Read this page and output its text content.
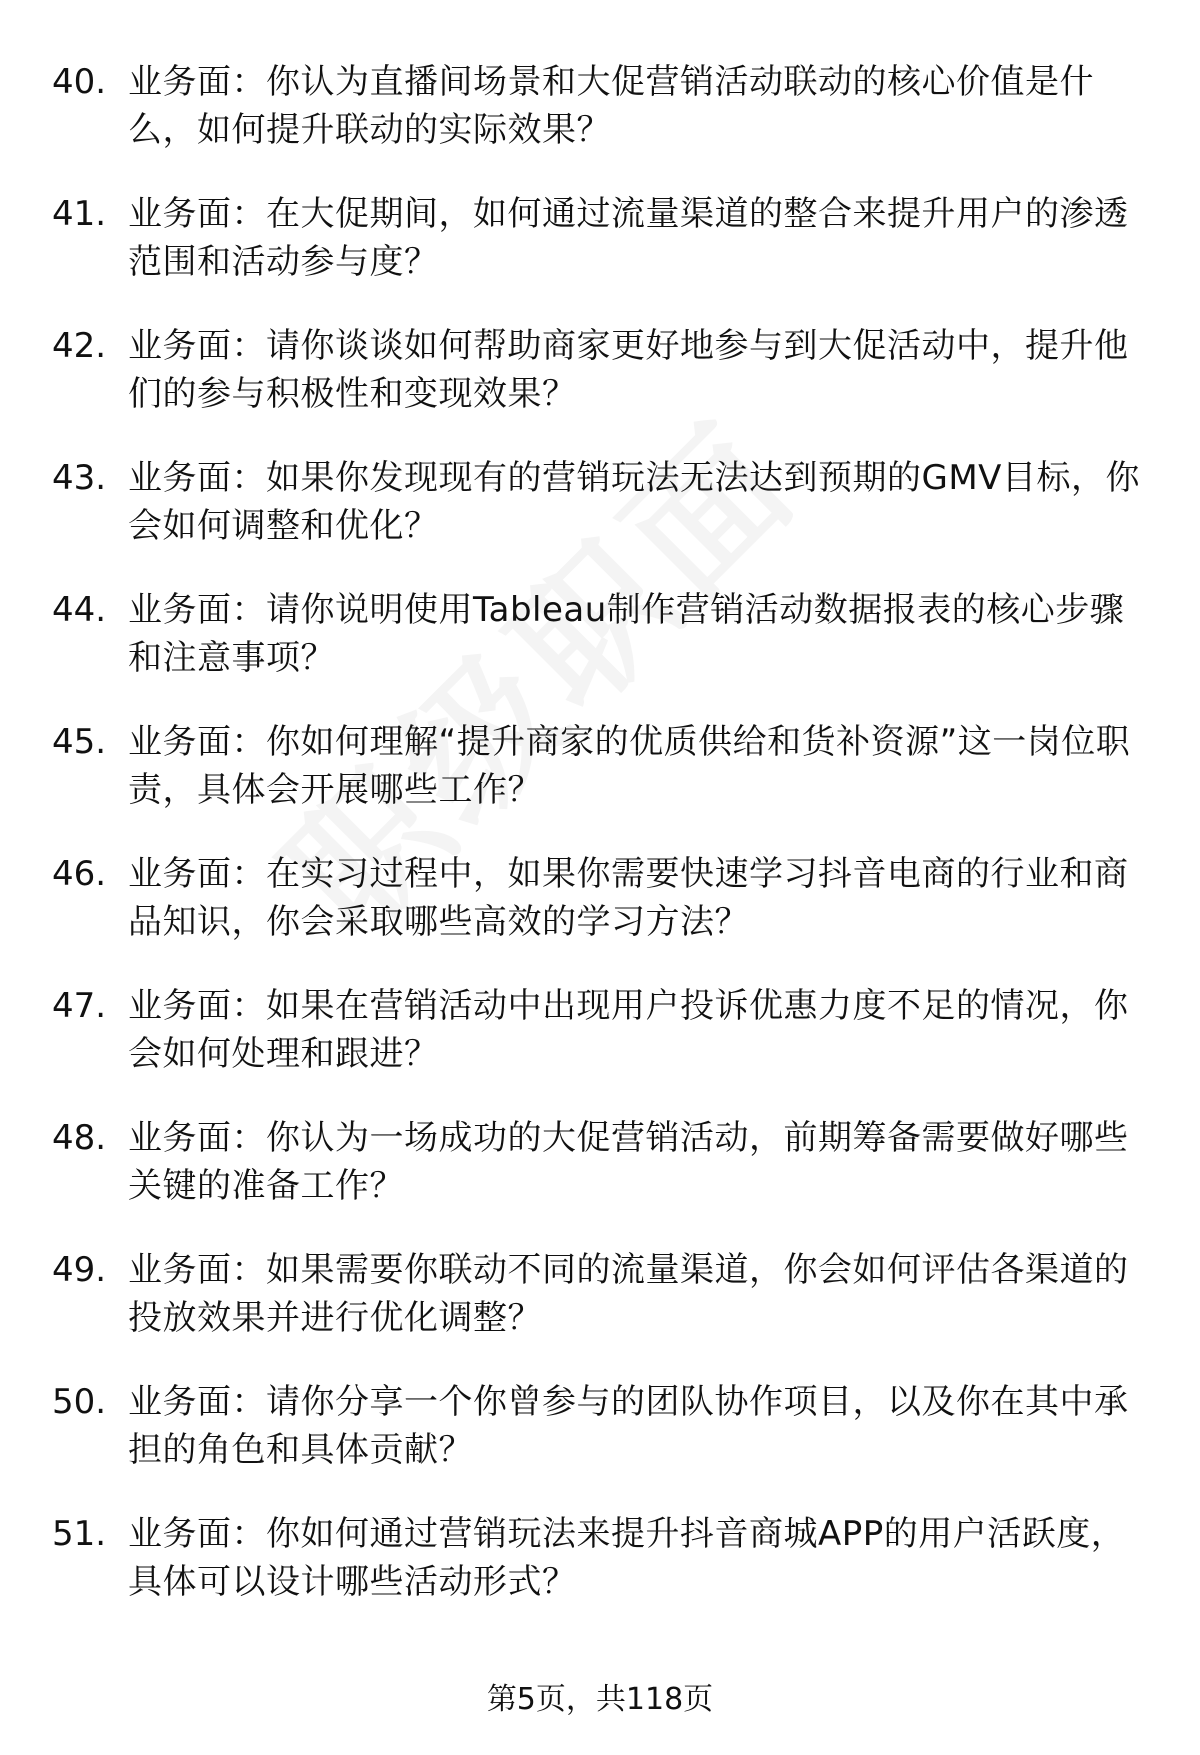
40. 业务面：你认为直播间场景和大促营销活动联动的核心价值是什么，如何提升联动的实际效果？
41. 业务面：在大促期间，如何通过流量渠道的整合来提升用户的渗透范围和活动参与度？
42. 业务面：请你谈谈如何帮助商家更好地参与到大促活动中，提升他们的参与积极性和变现效果？
43. 业务面：如果你发现现有的营销玩法无法达到预期的GMV目标，你会如何调整和优化？
44. 业务面：请你说明使用Tableau制作营销活动数据报表的核心步骤和注意事项？
45. 业务面：你如何理解“提升商家的优质供给和货补资源”这一岗位职责，具体会开展哪些工作？
46. 业务面：在实习过程中，如果你需要快速学习抖音电商的行业和商品知识，你会采取哪些高效的学习方法？
47. 业务面：如果在营销活动中出现用户投诉优惠力度不足的情况，你会如何处理和跟进？
48. 业务面：你认为一场成功的大促营销活动，前期筹备需要做好哪些关键的准备工作？
49. 业务面：如果需要你联动不同的流量渠道，你会如何评估各渠道的投放效果并进行优化调整？
50. 业务面：请你分享一个你曾参与的团队协作项目，以及你在其中承担的角色和具体贡献？
51. 业务面：你如何通过营销玩法来提升抖音商城APP的用户活跃度，具体可以设计哪些活动形式？
第5页，共118页
